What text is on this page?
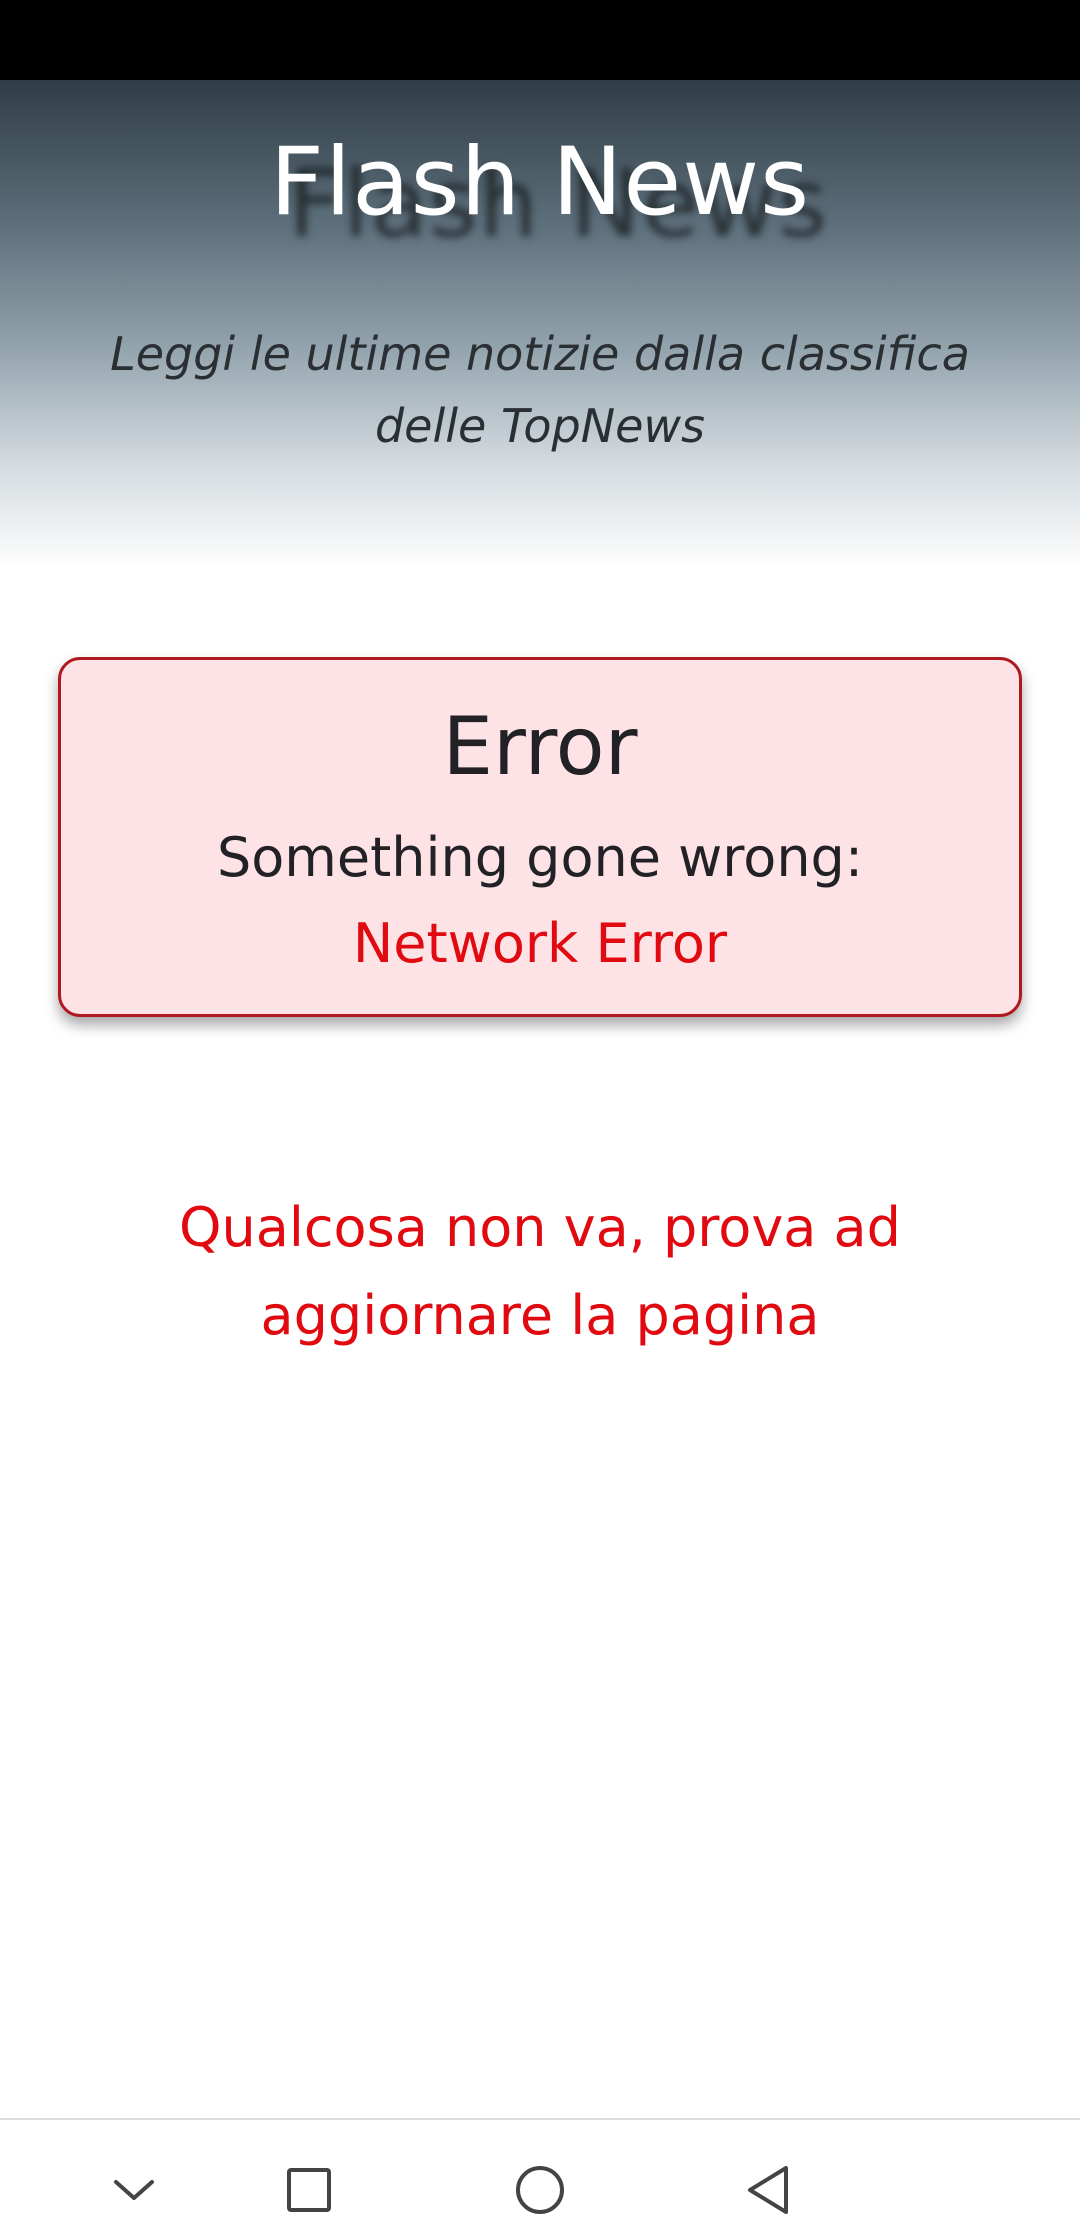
Flash News
Leggi le ultime notizie dalla classifica delle TopNews
Error
Something gone wrong:
Network Error
Qualcosa non va, prova ad aggiornare la pagina
